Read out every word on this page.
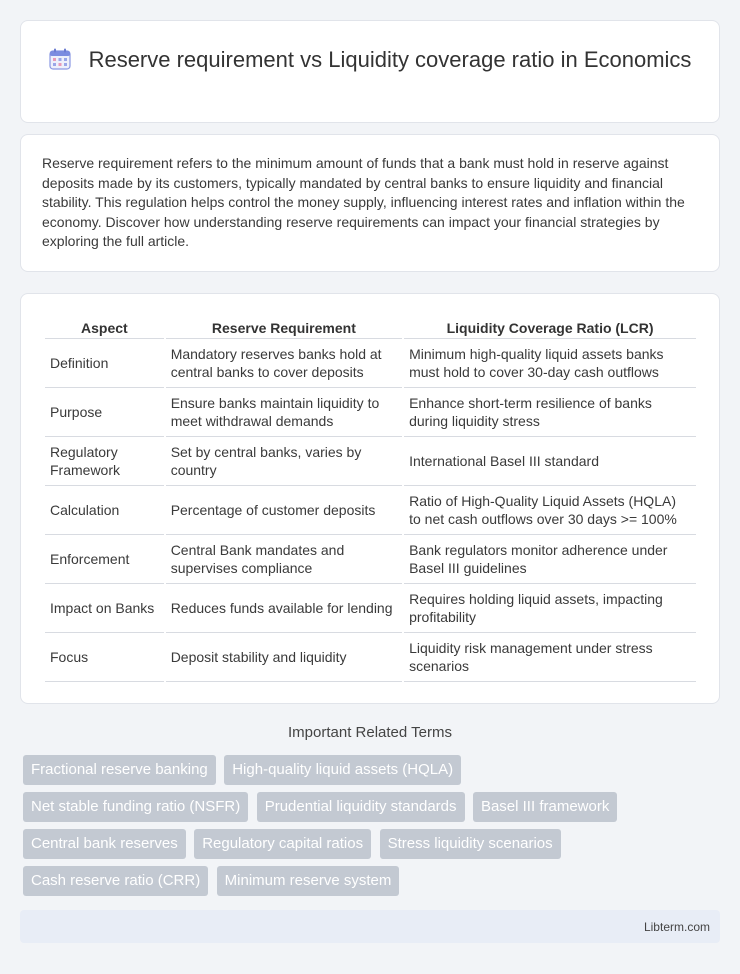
Reserve requirement vs Liquidity coverage ratio in Economics

Reserve requirement refers to the minimum amount of funds that a bank must hold in reserve against deposits made by its customers, typically mandated by central banks to ensure liquidity and financial stability. This regulation helps control the money supply, influencing interest rates and inflation within the economy. Discover how understanding reserve requirements can impact your financial strategies by exploring the full article.

Aspect	Reserve Requirement	Liquidity Coverage Ratio (LCR)
Definition	Mandatory reserves banks hold at central banks to cover deposits	Minimum high-quality liquid assets banks must hold to cover 30-day cash outflows
Purpose	Ensure banks maintain liquidity to meet withdrawal demands	Enhance short-term resilience of banks during liquidity stress
Regulatory Framework	Set by central banks, varies by country	International Basel III standard
Calculation	Percentage of customer deposits	Ratio of High-Quality Liquid Assets (HQLA) to net cash outflows over 30 days >= 100%
Enforcement	Central Bank mandates and supervises compliance	Bank regulators monitor adherence under Basel III guidelines
Impact on Banks	Reduces funds available for lending	Requires holding liquid assets, impacting profitability
Focus	Deposit stability and liquidity	Liquidity risk management under stress scenarios
Important Related Terms
Fractional reserve banking High-quality liquid assets (HQLA)
Net stable funding ratio (NSFR) Prudential liquidity standards Basel III framework
Central bank reserves Regulatory capital ratios Stress liquidity scenarios
Cash reserve ratio (CRR) Minimum reserve system
Libterm.com
